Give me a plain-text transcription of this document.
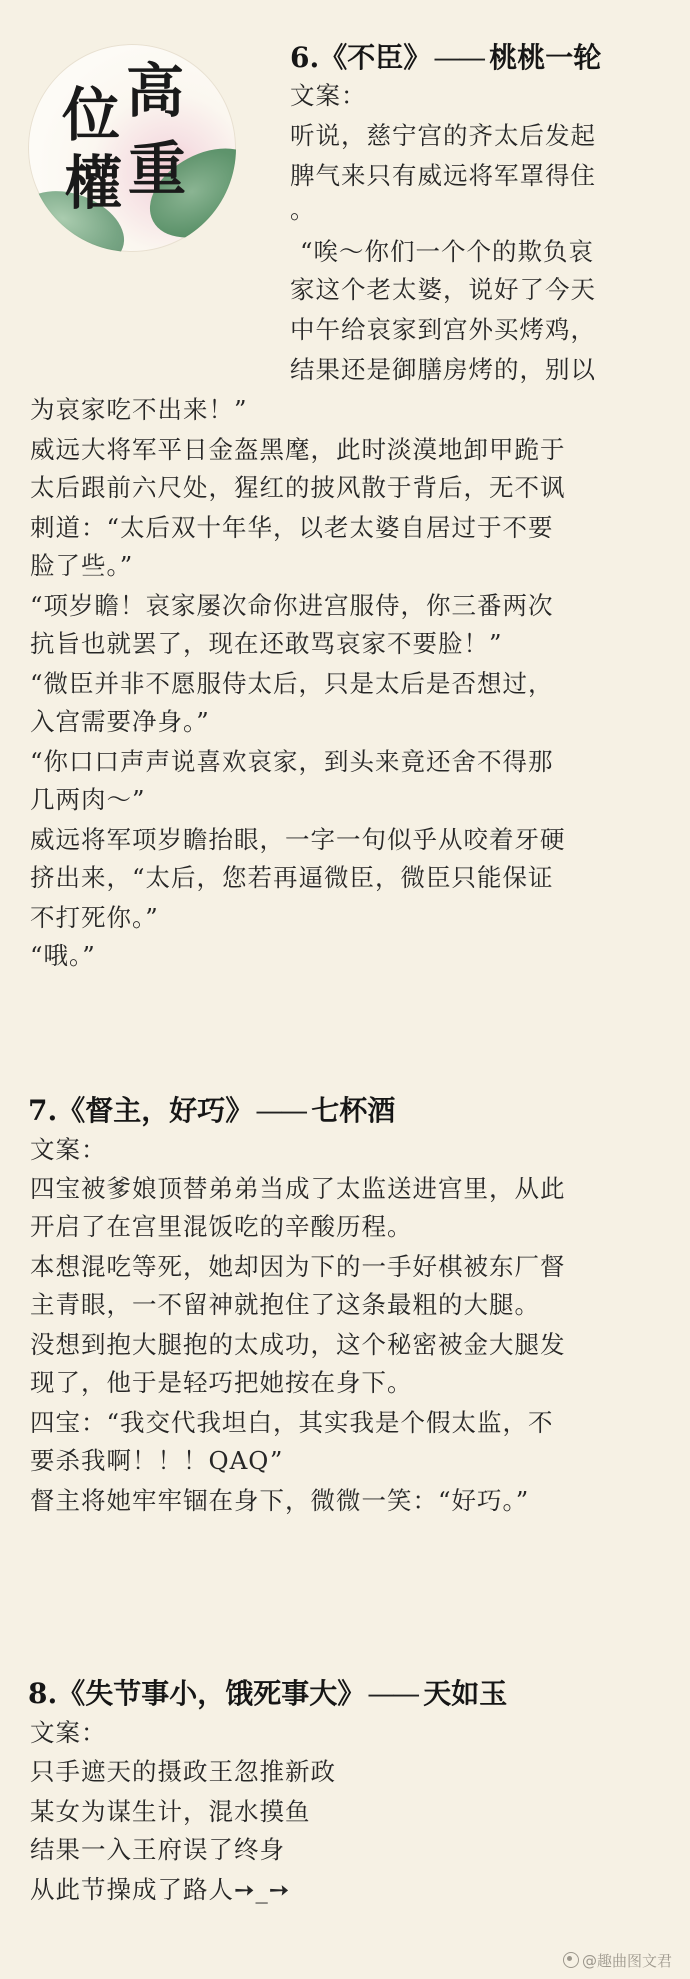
位 高
權 重
6.《不臣》—— 桃桃一轮
文案：
听说，慈宁宫的齐太后发起
脾气来只有威远将军罩得住
。
“唉～你们一个个的欺负哀
家这个老太婆，说好了今天
中午给哀家到宫外买烤鸡，
结果还是御膳房烤的，别以
为哀家吃不出来！”
威远大将军平日金盔黑麾，此时淡漠地卸甲跪于
太后跟前六尺处，猩红的披风散于背后，无不讽
刺道：“太后双十年华，以老太婆自居过于不要
脸了些。”
“项岁瞻！哀家屡次命你进宫服侍，你三番两次
抗旨也就罢了，现在还敢骂哀家不要脸！”
“微臣并非不愿服侍太后，只是太后是否想过，
入宫需要净身。”
“你口口声声说喜欢哀家，到头来竟还舍不得那
几两肉～”
威远将军项岁瞻抬眼，一字一句似乎从咬着牙硬
挤出来，“太后，您若再逼微臣，微臣只能保证
不打死你。”
“哦。”
7.《督主，好巧》—— 七杯酒
文案：
四宝被爹娘顶替弟弟当成了太监送进宫里，从此
开启了在宫里混饭吃的辛酸历程。
本想混吃等死，她却因为下的一手好棋被东厂督
主青眼，一不留神就抱住了这条最粗的大腿。
没想到抱大腿抱的太成功，这个秘密被金大腿发
现了，他于是轻巧把她按在身下。
四宝：“我交代我坦白，其实我是个假太监，不
要杀我啊！！！QAQ”
督主将她牢牢锢在身下，微微一笑：“好巧。”
8.《失节事小，饿死事大》—— 天如玉
文案：
只手遮天的摄政王忽推新政
某女为谋生计，混水摸鱼
结果一入王府误了终身
从此节操成了路人➙_➙
@趣曲图文君
